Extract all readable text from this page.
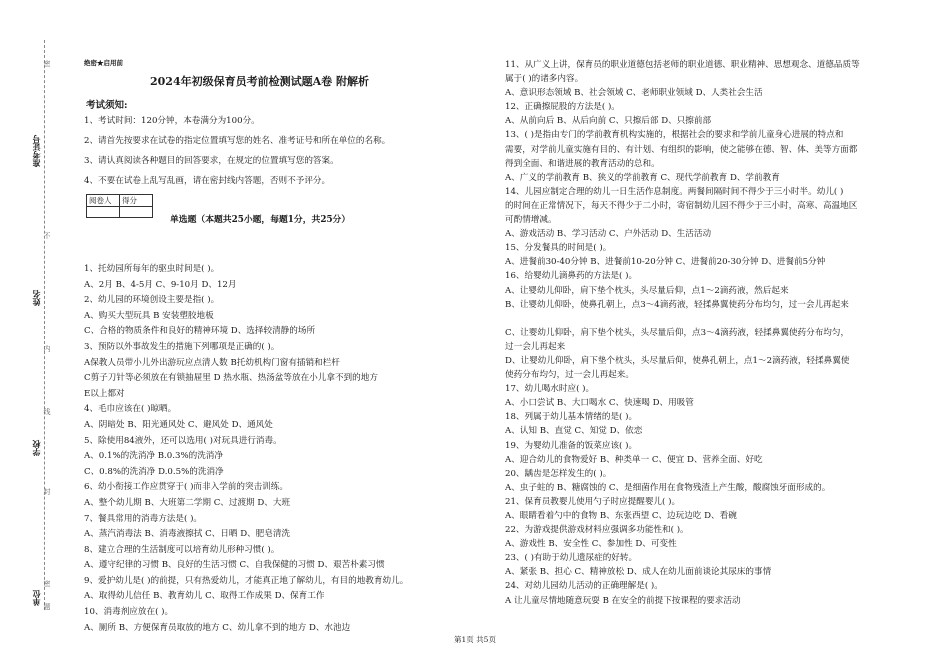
准考证号
姓名
学校
单位
密
不
内
线
封
密
题
绝密★启用前
2024年初级保育员考前检测试题A卷 附解析
考试须知:
1、考试时间：120分钟，本卷满分为100分。
2、请首先按要求在试卷的指定位置填写您的姓名、准考证号和所在单位的名称。
3、请认真阅读各种题目的回答要求，在规定的位置填写您的答案。
4、不要在试卷上乱写乱画，请在密封线内答题，否则不予评分。
阅卷人	得分

单选题（本题共25小题，每题1分，共25分）
1、托幼园所每年的驱虫时间是( )。
A、2月 B、4-5月 C、9-10月 D、12月
2、幼儿园的环境创设主要是指( )。
A、购买大型玩具 B 安装塑胶地板
C、合格的物质条件和良好的精神环境 D、选择较清静的场所
3、预防以外事故发生的措施下列哪项是正确的( )。
A保教人员带小儿外出游玩应点清人数 B托幼机构门窗有插销和栏杆
C剪子刀针等必须放在有锁抽屉里 D 热水瓶、热汤盆等放在小儿拿不到的地方
E以上都对
4、毛巾应该在( )晾晒。
A、阴暗处 B、阳光通风处 C、避风处 D、通风处
5、除使用84液外，还可以选用( )对玩具进行消毒。
A、0.1%的洗消净 B.0.3%的洗消净
C、0.8%的洗消净 D.0.5%的洗消净
6、幼小衔接工作应贯穿于( )而非入学前的突击训练。
A、整个幼儿期 B、大班第二学期 C、过渡期 D、大班
7、餐具常用的消毒方法是( )。
A、蒸汽消毒法 B、消毒液擦拭 C、日晒 D、肥皂清洗
8、建立合理的生活制度可以培育幼儿形种习惯( )。
A、遵守纪律的习惯 B、良好的生活习惯 C、自我保健的习惯 D、艰苦朴素习惯
9、爱护幼儿是( )的前提，只有热爱幼儿，才能真正地了解幼儿，有目的地教育幼儿。
A、取得幼儿信任 B、教育幼儿 C、取得工作成果 D、保育工作
10、消毒剂应放在( )。
A、厕所 B、方便保育员取放的地方 C、幼儿拿不到的地方 D、水池边
11、从广义上讲，保育员的职业道德包括老师的职业道德、职业精神、思想观念、道德品质等
属于( )的诸多内容。
A、意识形态领域 B、社会领域 C、老师职业领域 D、人类社会生活
12、正确擦屁股的方法是( )。
A、从前向后 B、从后向前 C、只擦后部 D、只擦前部
13、( )是指由专门的学前教育机构实施的，根据社会的要求和学前儿童身心进展的特点和
需要，对学前儿童实施有目的、有计划、有组织的影响，使之能够在德、智、体、美等方面都
得到全面、和谐进展的教育活动的总和。
A、广义的学前教育 B、狭义的学前教育 C、现代学前教育 D、学前教育
14、儿园应制定合理的幼儿一日生活作息制度。两餐间隔时间不得少于三小时半。幼儿( )
的时间在正常情况下，每天不得少于二小时，寄宿制幼儿园不得少于三小时，高寒、高温地区
可酌情增减。
A、游戏活动 B、学习活动 C、户外活动 D、生活活动
15、分发餐具的时间是( )。
A、进餐前30-40分钟 B、进餐前10-20分钟 C、进餐前20-30分钟 D、进餐前5分钟
16、给婴幼儿滴鼻药的方法是( )。
A、让婴幼儿仰卧，肩下垫个枕头，头尽量后仰，点1～2滴药液，然后起来
B、让婴幼儿仰卧，使鼻孔朝上，点3～4滴药液，轻揉鼻翼使药分布均匀，过一会儿再起来
C、让婴幼儿仰卧，肩下垫个枕头，头尽量后仰，点3～4滴药液，轻揉鼻翼使药分布均匀，
过一会儿再起来
D、让婴幼儿仰卧，肩下垫个枕头，头尽量后仰，使鼻孔朝上，点1～2滴药液，轻揉鼻翼使
使药分布均匀，过一会儿再起来。
17、幼儿喝水时应( )。
A、小口尝试 B、大口喝水 C、快速喝 D、用吸管
18、列属于幼儿基本情绪的是( )。
A、认知 B、直觉 C、知觉 D、依恋
19、为婴幼儿准备的饭菜应该( )。
A、迎合幼儿的食物爱好 B、种类单一 C、便宜 D、营养全面、好吃
20、龋齿是怎样发生的( )。
A、虫子蛀的 B、糖腐蚀的 C、是细菌作用在食物残渣上产生酸，酸腐蚀牙面形成的。
21、保育员教婴儿使用勺子时应提醒婴儿( )。
A、眼睛看着勺中的食物 B、东张西望 C、边玩边吃 D、看碗
22、为游戏提供游戏材料应强调多功能性和( )。
A、游戏性 B、安全性 C、参加性 D、可变性
23、( )有助于幼儿遗尿症的好转。
A、紧张 B、担心 C、精神放松 D、成人在幼儿面前谈论其尿床的事情
24、对幼儿园幼儿活动的正确理解是( )。
A 让儿童尽情地随意玩耍 B 在安全的前提下按课程的要求活动
第1页 共5页
